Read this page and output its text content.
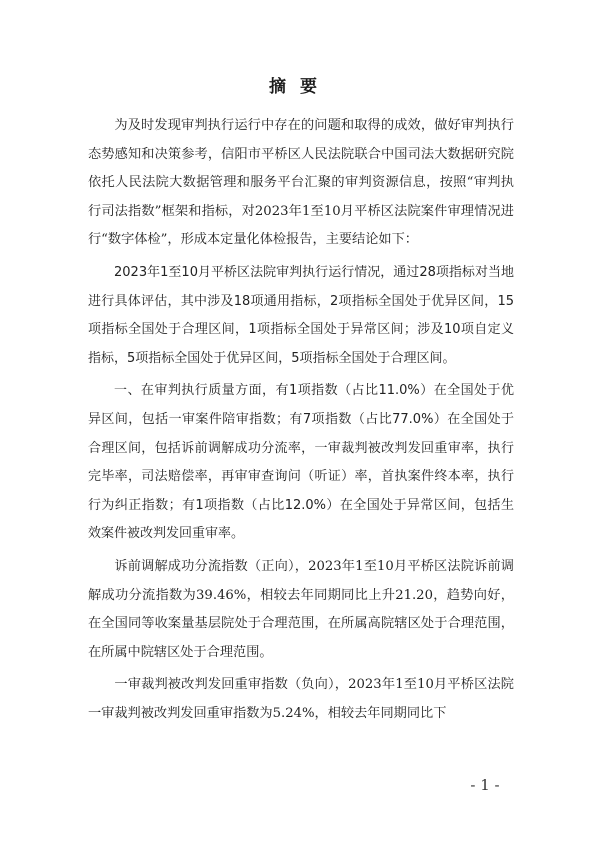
摘要

为及时发现审判执行运行中存在的问题和取得的成效，做好审判执行态势感知和决策参考，信阳市平桥区人民法院联合中国司法大数据研究院依托人民法院大数据管理和服务平台汇聚的审判资源信息，按照“审判执行司法指数”框架和指标，对2023年1至10月平桥区法院案件审理情况进行“数字体检”，形成本定量化体检报告，主要结论如下：

2023年1至10月平桥区法院审判执行运行情况，通过28项指标对当地进行具体评估，其中涉及18项通用指标，2项指标全国处于优异区间，15项指标全国处于合理区间，1项指标全国处于异常区间；涉及10项自定义指标，5项指标全国处于优异区间，5项指标全国处于合理区间。

一、在审判执行质量方面，有1项指数（占比11.0%）在全国处于优异区间，包括一审案件陪审指数；有7项指数（占比77.0%）在全国处于合理区间，包括诉前调解成功分流率，一审裁判被改判发回重审率，执行完毕率，司法赔偿率，再审审查询问（听证）率，首执案件终本率，执行行为纠正指数；有1项指数（占比12.0%）在全国处于异常区间，包括生效案件被改判发回重审率。

诉前调解成功分流指数（正向），2023年1至10月平桥区法院诉前调解成功分流指数为39.46%，相较去年同期同比上升21.20，趋势向好，在全国同等收案量基层院处于合理范围，在所属高院辖区处于合理范围，在所属中院辖区处于合理范围。

一审裁判被改判发回重审指数（负向），2023年1至10月平桥区法院一审裁判被改判发回重审指数为5.24%，相较去年同期同比下

- 1 -
